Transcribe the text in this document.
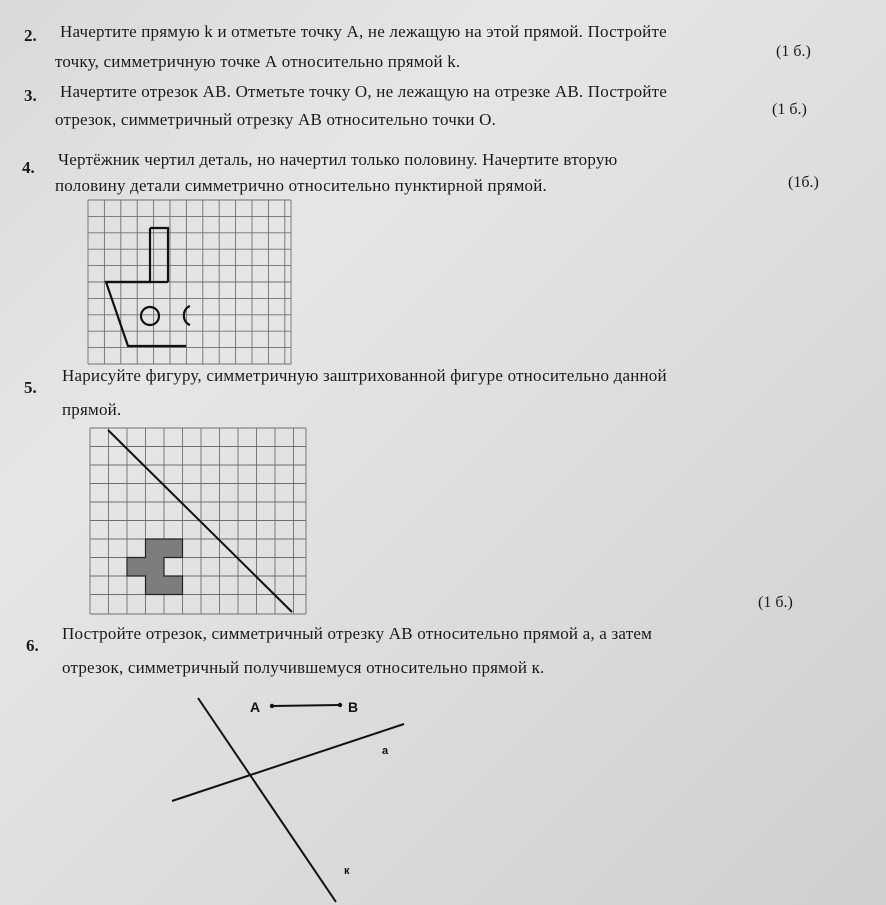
2. Начертите прямую k и отметьте точку А, не лежащую на этой прямой. Постройте
точку, симметричную точке А относительно прямой k.
(1 б.)
3. Начертите отрезок АВ. Отметьте точку О, не лежащую на отрезке АВ. Постройте
отрезок, симметричный отрезку АВ относительно точки О.
(1 б.)
4. Чертёжник чертил деталь, но начертил только половину. Начертите вторую
половину детали симметрично относительно пунктирной прямой.	(1б.)
5.
Нарисуйте фигуру, симметричную заштрихованной фигуре относительно данной
прямой.
(1 б.)
6.
Постройте отрезок, симметричный отрезку АВ относительно прямой а, а затем
отрезок, симметричный получившемуся относительно прямой к.
A	B
a
к
